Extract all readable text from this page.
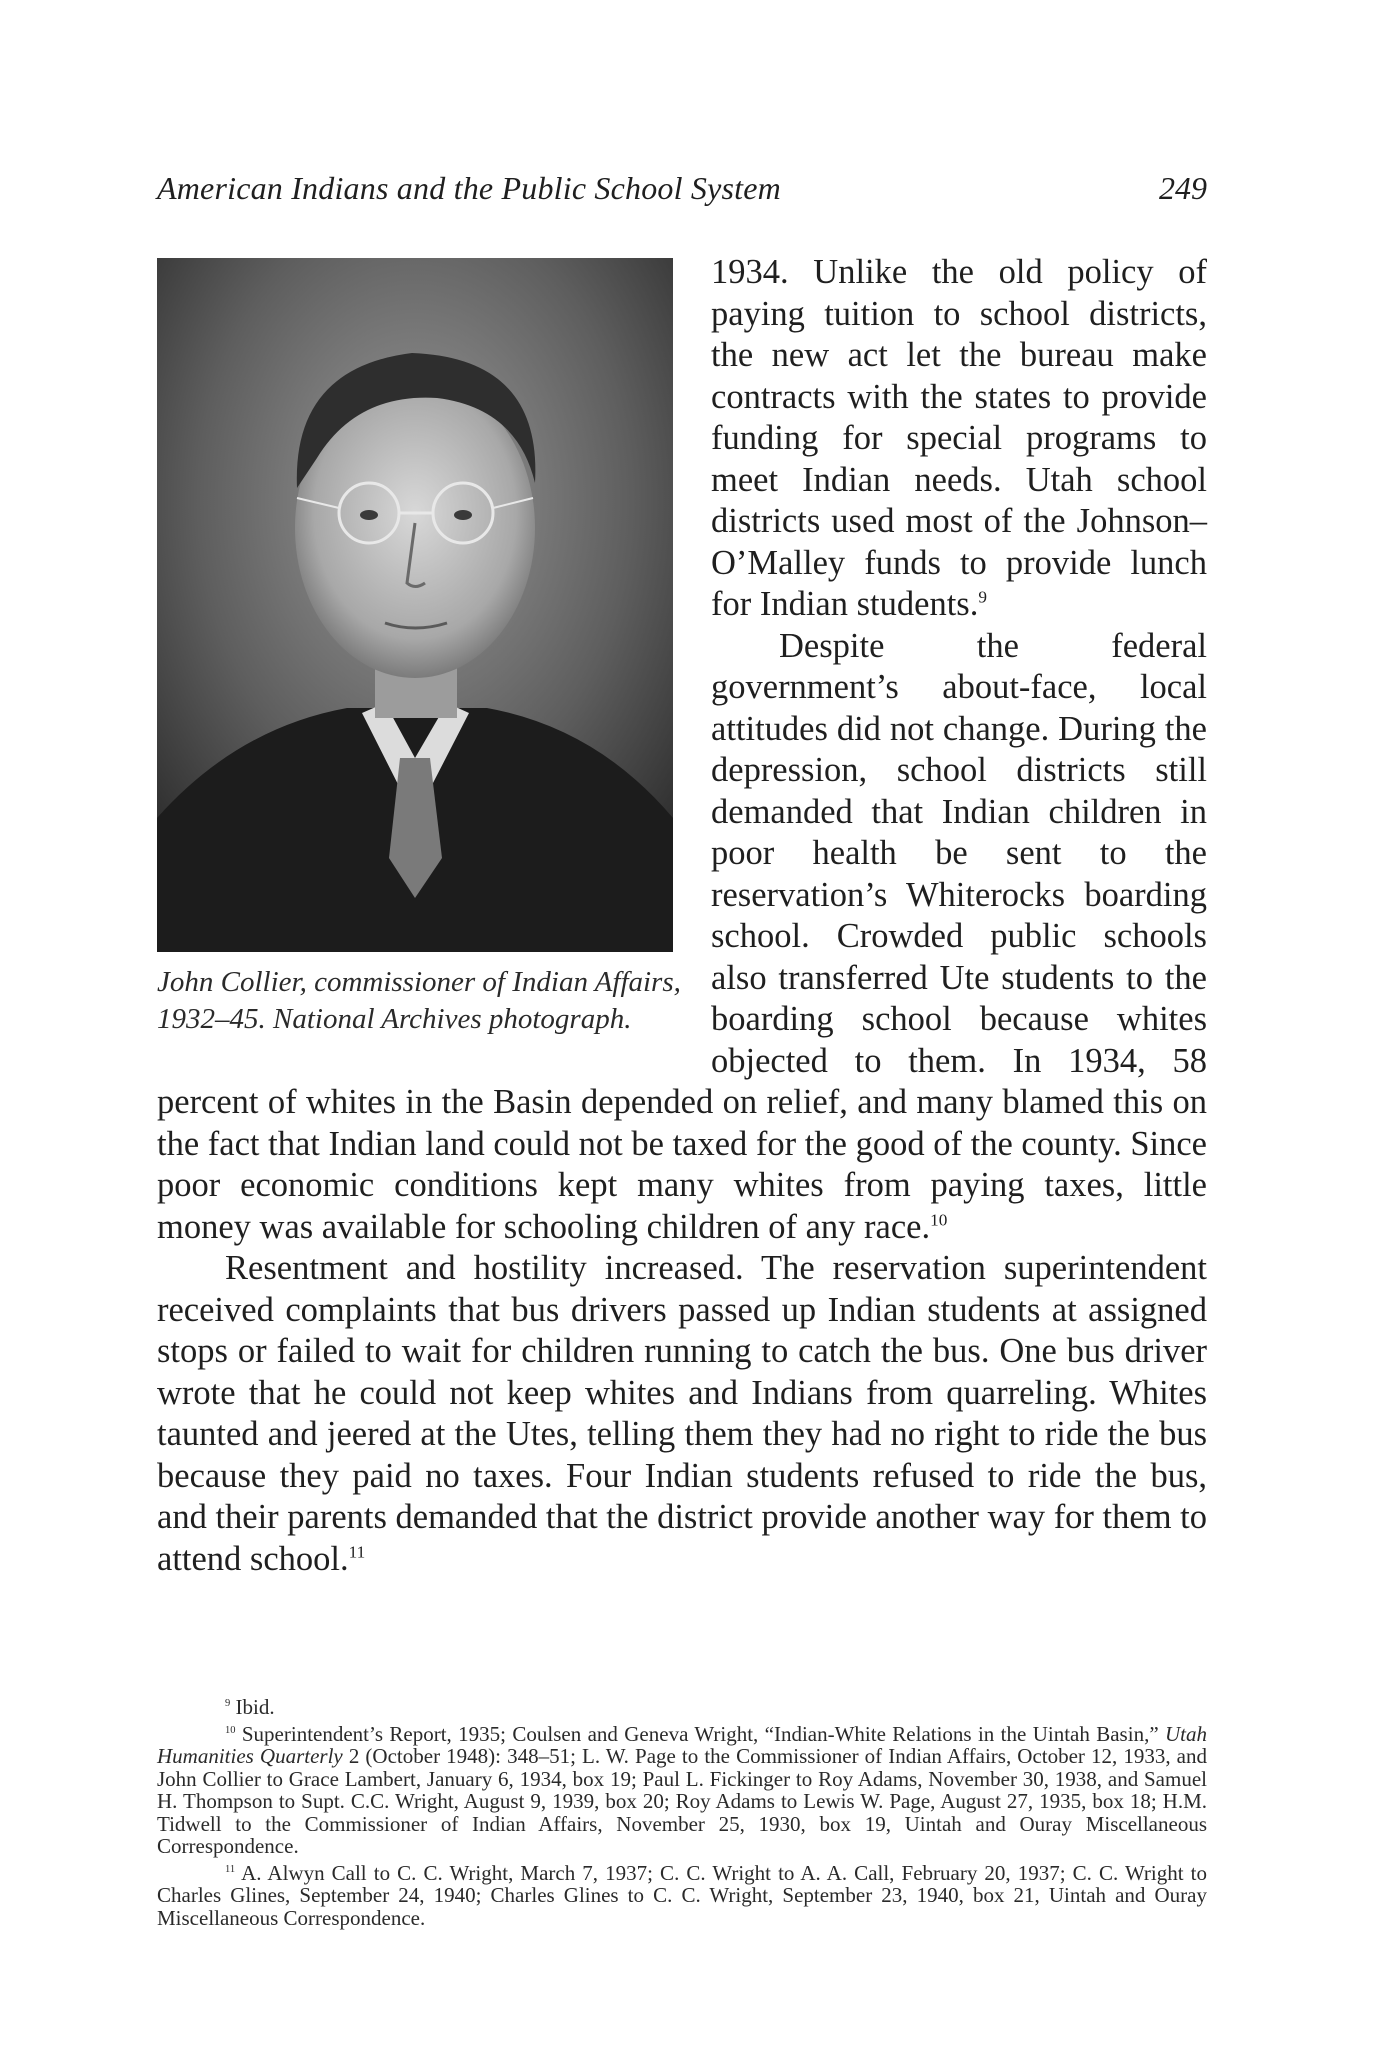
American Indians and the Public School System	249
John Collier, commissioner of Indian Affairs, 1932–45. National Archives photograph.

1934. Unlike the old policy of paying tuition to school districts, the new act let the bureau make contracts with the states to provide funding for special programs to meet Indian needs. Utah school districts used most of the Johnson–O’Malley funds to provide lunch for Indian students.$^9$

Despite the federal government’s about-face, local attitudes did not change. During the depression, school districts still demanded that Indian children in poor health be sent to the reservation’s Whiterocks boarding school. Crowded public schools also transferred Ute students to the boarding school because whites objected to them. In 1934, 58 percent of whites in the Basin depended on relief, and many blamed this on the fact that Indian land could not be taxed for the good of the county. Since poor economic conditions kept many whites from paying taxes, little money was available for schooling children of any race.$^{10}$

Resentment and hostility increased. The reservation superintendent received complaints that bus drivers passed up Indian students at assigned stops or failed to wait for children running to catch the bus. One bus driver wrote that he could not keep whites and Indians from quarreling. Whites taunted and jeered at the Utes, telling them they had no right to ride the bus because they paid no taxes. Four Indian students refused to ride the bus, and their parents demanded that the district provide another way for them to attend school.$^{11}$

$^9$ Ibid.

$^{10}$ Superintendent’s Report, 1935; Coulsen and Geneva Wright, “Indian-White Relations in the Uintah Basin,” Utah Humanities Quarterly 2 (October 1948): 348–51; L. W. Page to the Commissioner of Indian Affairs, October 12, 1933, and John Collier to Grace Lambert, January 6, 1934, box 19; Paul L. Fickinger to Roy Adams, November 30, 1938, and Samuel H. Thompson to Supt. C.C. Wright, August 9, 1939, box 20; Roy Adams to Lewis W. Page, August 27, 1935, box 18; H.M. Tidwell to the Commissioner of Indian Affairs, November 25, 1930, box 19, Uintah and Ouray Miscellaneous Correspondence.

$^{11}$ A. Alwyn Call to C. C. Wright, March 7, 1937; C. C. Wright to A. A. Call, February 20, 1937; C. C. Wright to Charles Glines, September 24, 1940; Charles Glines to C. C. Wright, September 23, 1940, box 21, Uintah and Ouray Miscellaneous Correspondence.
